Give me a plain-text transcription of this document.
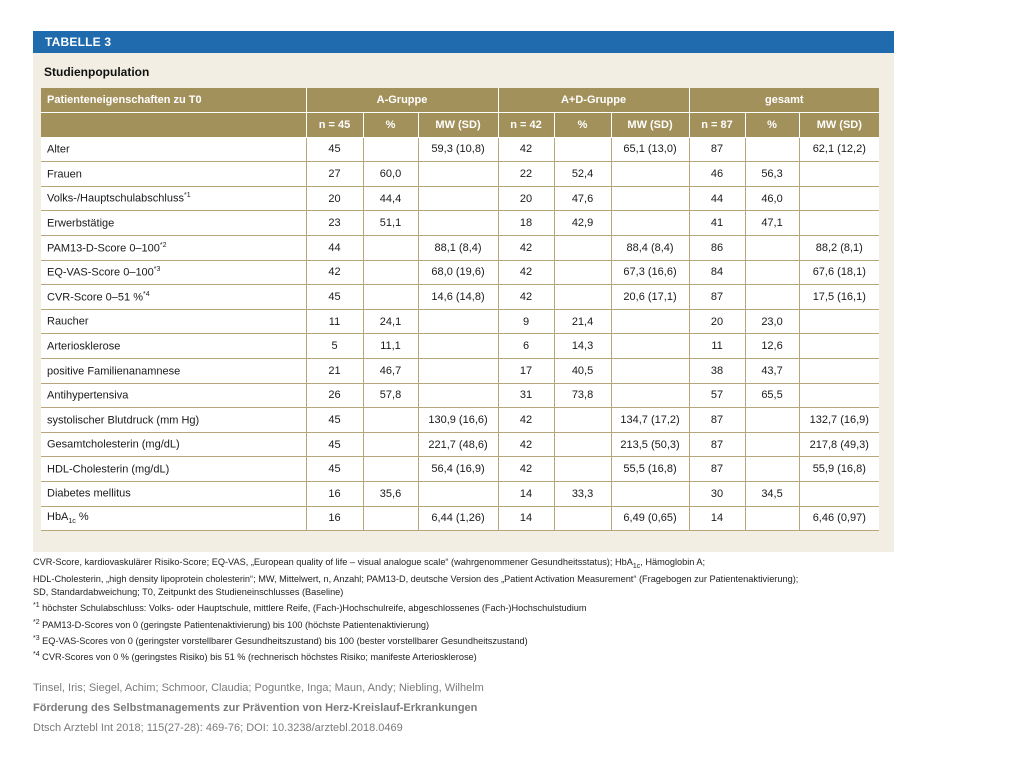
TABELLE 3
Studienpopulation
Patienteneigenschaften zu T0	A-Gruppe			A+D-Gruppe			gesamt		
	n = 45	%	MW (SD)	n = 42	%	MW (SD)	n = 87	%	MW (SD)
Alter	45		59,3 (10,8)	42		65,1 (13,0)	87		62,1 (12,2)
Frauen	27	60,0		22	52,4		46	56,3	
Volks-/Hauptschulabschluss$^{*1}$	20	44,4		20	47,6		44	46,0	
Erwerbstätige	23	51,1		18	42,9		41	47,1	
PAM13-D-Score 0–100$^{*2}$	44		88,1 (8,4)	42		88,4 (8,4)	86		88,2 (8,1)
EQ-VAS-Score 0–100$^{*3}$	42		68,0 (19,6)	42		67,3 (16,6)	84		67,6 (18,1)
CVR-Score 0–51 %$^{*4}$	45		14,6 (14,8)	42		20,6 (17,1)	87		17,5 (16,1)
Raucher	11	24,1		9	21,4		20	23,0	
Arteriosklerose	5	11,1		6	14,3		11	12,6	
positive Familienanamnese	21	46,7		17	40,5		38	43,7	
Antihypertensiva	26	57,8		31	73,8		57	65,5	
systolischer Blutdruck (mm Hg)	45		130,9 (16,6)	42		134,7 (17,2)	87		132,7 (16,9)
Gesamtcholesterin (mg/dL)	45		221,7 (48,6)	42		213,5 (50,3)	87		217,8 (49,3)
HDL-Cholesterin (mg/dL)	45		56,4 (16,9)	42		55,5 (16,8)	87		55,9 (16,8)
Diabetes mellitus	16	35,6		14	33,3		30	34,5	
HbA$_{1c}$ %	16		6,44 (1,26)	14		6,49 (0,65)	14		6,46 (0,97)
CVR-Score, kardiovaskulärer Risiko-Score; EQ-VAS, „European quality of life – visual analogue scale“ (wahrgenommener Gesundheitsstatus); HbA$_{1c}$, Hämoglobin A;
HDL-Cholesterin, „high density lipoprotein cholesterin“; MW, Mittelwert, n, Anzahl; PAM13-D, deutsche Version des „Patient Activation Measurement“ (Fragebogen zur Patientenaktivierung);
SD, Standardabweichung; T0, Zeitpunkt des Studieneinschlusses (Baseline)
$^{*1}$ höchster Schulabschluss: Volks- oder Hauptschule, mittlere Reife, (Fach-)Hochschulreife, abgeschlossenes (Fach-)Hochschulstudium
$^{*2}$ PAM13-D-Scores von 0 (geringste Patientenaktivierung) bis 100 (höchste Patientenaktivierung)
$^{*3}$ EQ-VAS-Scores von 0 (geringster vorstellbarer Gesundheitszustand) bis 100 (bester vorstellbarer Gesundheitszustand)
$^{*4}$ CVR-Scores von 0 % (geringstes Risiko) bis 51 % (rechnerisch höchstes Risiko; manifeste Arteriosklerose)
Tinsel, Iris; Siegel, Achim; Schmoor, Claudia; Poguntke, Inga; Maun, Andy; Niebling, Wilhelm
Förderung des Selbstmanagements zur Prävention von Herz-Kreislauf-Erkrankungen
Dtsch Arztebl Int 2018; 115(27-28): 469-76; DOI: 10.3238/arztebl.2018.0469
